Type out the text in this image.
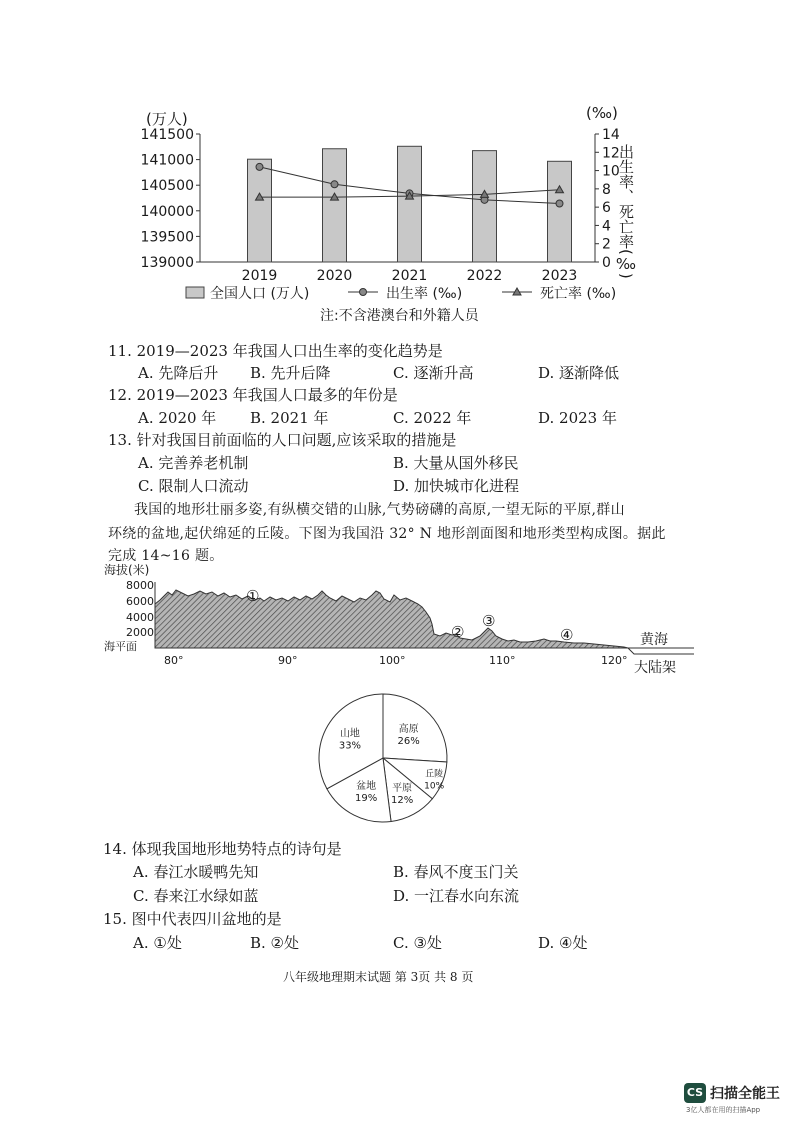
(万人)	(‰)
139000
139500
140000
140500
141000
141500
0
2
4
6
8
10
12
14
2019	2020	2021	2022	2023	出生率、死亡率(‰)
全国人口 (万人)	出生率 (‰)	死亡率 (‰)
注:不含港澳台和外籍人员
11. 2019—2023 年我国人口出生率的变化趋势是
A. 先降后升 B. 先升后降	C. 逐渐升高	D. 逐渐降低
12. 2019—2023 年我国人口最多的年份是
A. 2020 年 B. 2021 年	C. 2022 年	D. 2023 年
13. 针对我国目前面临的人口问题,应该采取的措施是
A. 完善养老机制	B. 大量从国外移民
C. 限制人口流动	D. 加快城市化进程
我国的地形壮丽多姿,有纵横交错的山脉,气势磅礴的高原,一望无际的平原,群山
环绕的盆地,起伏绵延的丘陵。下图为我国沿 32° N 地形剖面图和地形类型构成图。据此
完成 14~16 题。
海拔(米)
8000
6000
4000
2000
海平面
80°	90°	100°	110°	120°
①
②
③
④	黄海
大陆架
高原
26%
丘陵
10%
平原
12%
盆地
19%
山地
33%
14. 体现我国地形地势特点的诗句是
A. 春江水暖鸭先知	B. 春风不度玉门关
C. 春来江水绿如蓝	D. 一江春水向东流
15. 图中代表四川盆地的是
A. ①处	B. ②处	C. ③处	D. ④处
八年级地理期末试题 第 3页 共 8 页
CS 扫描全能王
3亿人都在用的扫描App
